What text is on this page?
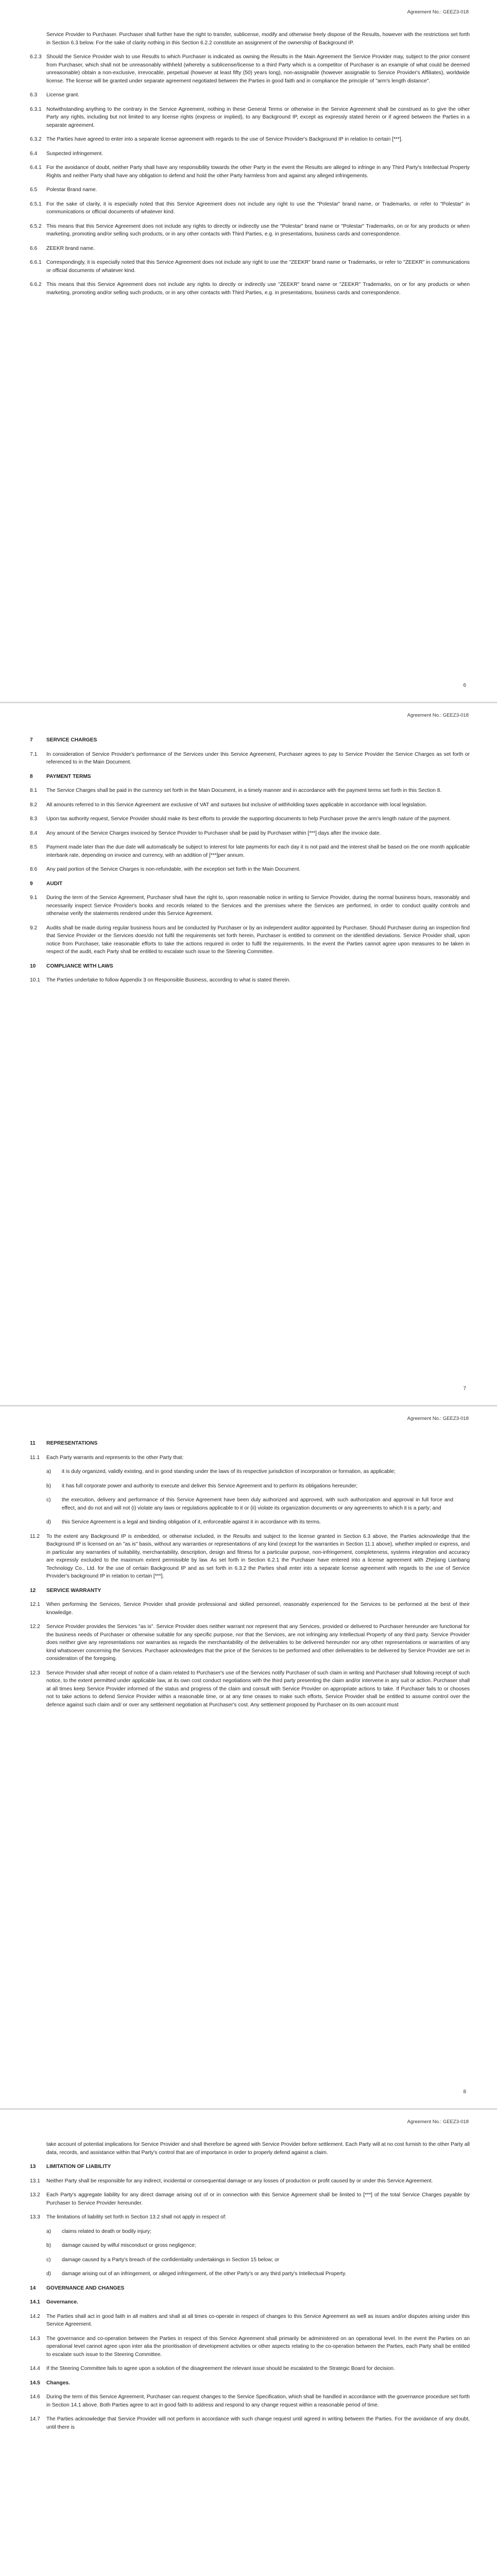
Agreement No.: GEEZ3-018
Service Provider to Purchaser. Purchaser shall further have the right to transfer, sublicense, modify and otherwise freely dispose of the Results, however with the restrictions set forth in Section 6.3 below. For the sake of clarity nothing in this Section 6.2.2 constitute an assignment of the ownership of Background IP.
6.2.3 Should the Service Provider wish to use Results to which Purchaser is indicated as owning the Results in the Main Agreement the Service Provider may, subject to the prior consent from Purchaser, which shall not be unreasonably withheld (whereby a sublicense/license to a third Party which is a competitor of Purchaser is an example of what could be deemed unreasonable) obtain a non-exclusive, irrevocable, perpetual (however at least fifty (50) years long), non-assignable (however assignable to Service Provider's Affiliates), worldwide license. The license will be granted under separate agreement negotiated between the Parties in good faith and in compliance the principle of "arm's length distance".
6.3 License grant.
6.3.1 Notwithstanding anything to the contrary in the Service Agreement, nothing in these General Terms or otherwise in the Service Agreement shall be construed as to give the other Party any rights, including but not limited to any license rights (express or implied), to any Background IP, except as expressly stated herein or if agreed between the Parties in a separate agreement.
6.3.2 The Parties have agreed to enter into a separate license agreement with regards to the use of Service Provider's Background IP in relation to certain [***].
6.4 Suspected infringement.
6.4.1 For the avoidance of doubt, neither Party shall have any responsibility towards the other Party in the event the Results are alleged to infringe in any Third Party's Intellectual Property Rights and neither Party shall have any obligation to defend and hold the other Party harmless from and against any alleged infringements.
6.5 Polestar Brand name.
6.5.1 For the sake of clarity, it is especially noted that this Service Agreement does not include any right to use the "Polestar" brand name, or Trademarks, or refer to "Polestar" in communications or official documents of whatever kind.
6.5.2 This means that this Service Agreement does not include any rights to directly or indirectly use the "Polestar" brand name or "Polestar" Trademarks, on or for any products or when marketing, promoting and/or selling such products, or in any other contacts with Third Parties, e.g. in presentations, business cards and correspondence.
6.6 ZEEKR brand name.
6.6.1 Correspondingly, it is especially noted that this Service Agreement does not include any right to use the "ZEEKR" brand name or Trademarks, or refer to "ZEEKR" in communications or official documents of whatever kind.
6.6.2 This means that this Service Agreement does not include any rights to directly or indirectly use "ZEEKR" brand name or "ZEEKR" Trademarks, on or for any products or when marketing, promoting and/or selling such products, or in any other contacts with Third Parties, e.g. in presentations, business cards and correspondence.
6
Agreement No.: GEEZ3-018
7	SERVICE CHARGES
7.1 In consideration of Service Provider's performance of the Services under this Service Agreement, Purchaser agrees to pay to Service Provider the Service Charges as set forth or referenced to in the Main Document.
8	PAYMENT TERMS
8.1 The Service Charges shall be paid in the currency set forth in the Main Document, in a timely manner and in accordance with the payment terms set forth in this Section 8.
8.2 All amounts referred to in this Service Agreement are exclusive of VAT and surtaxes but inclusive of withholding taxes applicable in accordance with local legislation.
8.3 Upon tax authority request, Service Provider should make its best efforts to provide the supporting documents to help Purchaser prove the arm's length nature of the payment.
8.4 Any amount of the Service Charges invoiced by Service Provider to Purchaser shall be paid by Purchaser within [***] days after the invoice date.
8.5 Payment made later than the due date will automatically be subject to interest for late payments for each day it is not paid and the interest shall be based on the one month applicable interbank rate, depending on invoice and currency, with an addition of [***]per annum.
8.6 Any paid portion of the Service Charges is non-refundable, with the exception set forth in the Main Document.
9	AUDIT
9.1 During the term of the Service Agreement, Purchaser shall have the right to, upon reasonable notice in writing to Service Provider, during the normal business hours, reasonably and necessarily inspect Service Provider's books and records related to the Services and the premises where the Services are performed, in order to conduct quality controls and otherwise verify the statements rendered under this Service Agreement.
9.2 Audits shall be made during regular business hours and be conducted by Purchaser or by an independent auditor appointed by Purchaser. Should Purchaser during an inspection find that Service Provider or the Services does/do not fulfil the requirements set forth herein, Purchaser is entitled to comment on the identified deviations. Service Provider shall, upon notice from Purchaser, take reasonable efforts to take the actions required in order to fulfil the requirements. In the event the Parties cannot agree upon measures to be taken in respect of the audit, each Party shall be entitled to escalate such issue to the Steering Committee.
10 COMPLIANCE WITH LAWS
10.1 The Parties undertake to follow Appendix 3 on Responsible Business, according to what is stated therein.
7
Agreement No.: GEEZ3-018
11 REPRESENTATIONS
11.1 Each Party warrants and represents to the other Party that:
a) it is duly organized, validly existing, and in good standing under the laws of its respective jurisdiction of incorporation or formation, as applicable;
b) it has full corporate power and authority to execute and deliver this Service Agreement and to perform its obligations hereunder;
c) the execution, delivery and performance of this Service Agreement have been duly authorized and approved, with such authorization and approval in full force and effect, and do not and will not (i) violate any laws or regulations applicable to it or (ii) violate its organization documents or any agreements to which it is a party; and
d) this Service Agreement is a legal and binding obligation of it, enforceable against it in accordance with its terms.
11.2 To the extent any Background IP is embedded, or otherwise included, in the Results and subject to the license granted in Section 6.3 above, the Parties acknowledge that the Background IP is licensed on an "as is" basis, without any warranties or representations of any kind (except for the warranties in Section 11.1 above), whether implied or express, and in particular any warranties of suitability, merchantability, description, design and fitness for a particular purpose, non-infringement, completeness, systems integration and accuracy are expressly excluded to the maximum extent permissible by law. As set forth in Section 6.2.1 the Purchaser have entered into a license agreement with Zhejiang Lianbang Technology Co., Ltd. for the use of certain Background IP and as set forth in 6.3.2 the Parties shall enter into a separate license agreement with regards to the use of Service Provider's background IP in relation to certain [***].
12 SERVICE WARRANTY
12.1 When performing the Services, Service Provider shall provide professional and skilled personnel, reasonably experienced for the Services to be performed at the best of their knowledge.
12.2 Service Provider provides the Services "as is". Service Provider does neither warrant nor represent that any Services, provided or delivered to Purchaser hereunder are functional for the business needs of Purchaser or otherwise suitable for any specific purpose, nor that the Services, are not infringing any Intellectual Property of any third party. Service Provider does neither give any representations nor warranties as regards the merchantability of the deliverables to be delivered hereunder nor any other representations or warranties of any kind whatsoever concerning the Services. Purchaser acknowledges that the price of the Services to be performed and other deliverables to be delivered by Service Provider are set in consideration of the foregoing.
12.3 Service Provider shall after receipt of notice of a claim related to Purchaser's use of the Services notify Purchaser of such claim in writing and Purchaser shall following receipt of such notice, to the extent permitted under applicable law, at its own cost conduct negotiations with the third party presenting the claim and/or intervene in any suit or action. Purchaser shall at all times keep Service Provider informed of the status and progress of the claim and consult with Service Provider on appropriate actions to take. If Purchaser fails to or chooses not to take actions to defend Service Provider within a reasonable time, or at any time ceases to make such efforts, Service Provider shall be entitled to assume control over the defence against such claim and/ or over any settlement negotiation at Purchaser's cost. Any settlement proposed by Purchaser on its own account must
8
Agreement No.: GEEZ3-018
take account of potential implications for Service Provider and shall therefore be agreed with Service Provider before settlement. Each Party will at no cost furnish to the other Party all data, records, and assistance within that Party's control that are of importance in order to properly defend against a claim.
13 LIMITATION OF LIABILITY
13.1 Neither Party shall be responsible for any indirect, incidental or consequential damage or any losses of production or profit caused by or under this Service Agreement.
13.2 Each Party's aggregate liability for any direct damage arising out of or in connection with this Service Agreement shall be limited to [***] of the total Service Charges payable by Purchaser to Service Provider hereunder.
13.3 The limitations of liability set forth in Section 13.2 shall not apply in respect of:
a) claims related to death or bodily injury;
b) damage caused by wilful misconduct or gross negligence;
c) damage caused by a Party's breach of the confidentiality undertakings in Section 15 below; or
d) damage arising out of an infringement, or alleged infringement, of the other Party's or any third party's Intellectual Property.
14 GOVERNANCE AND CHANGES
14.1 Governance.
14.2 The Parties shall act in good faith in all matters and shall at all times co-operate in respect of changes to this Service Agreement as well as issues and/or disputes arising under this Service Agreement.
14.3 The governance and co-operation between the Parties in respect of this Service Agreement shall primarily be administered on an operational level. In the event the Parties on an operational level cannot agree upon inter alia the prioritisation of development activities or other aspects relating to the co-operation between the Parties, each Party shall be entitled to escalate such issue to the Steering Committee.
14.4 If the Steering Committee fails to agree upon a solution of the disagreement the relevant issue should be escalated to the Strategic Board for decision.
14.5 Changes.
14.6 During the term of this Service Agreement, Purchaser can request changes to the Service Specification, which shall be handled in accordance with the governance procedure set forth in Section 14.1 above. Both Parties agree to act in good faith to address and respond to any change request within a reasonable period of time.
14.7 The Parties acknowledge that Service Provider will not perform in accordance with such change request until agreed in writing between the Parties. For the avoidance of any doubt, until there is
